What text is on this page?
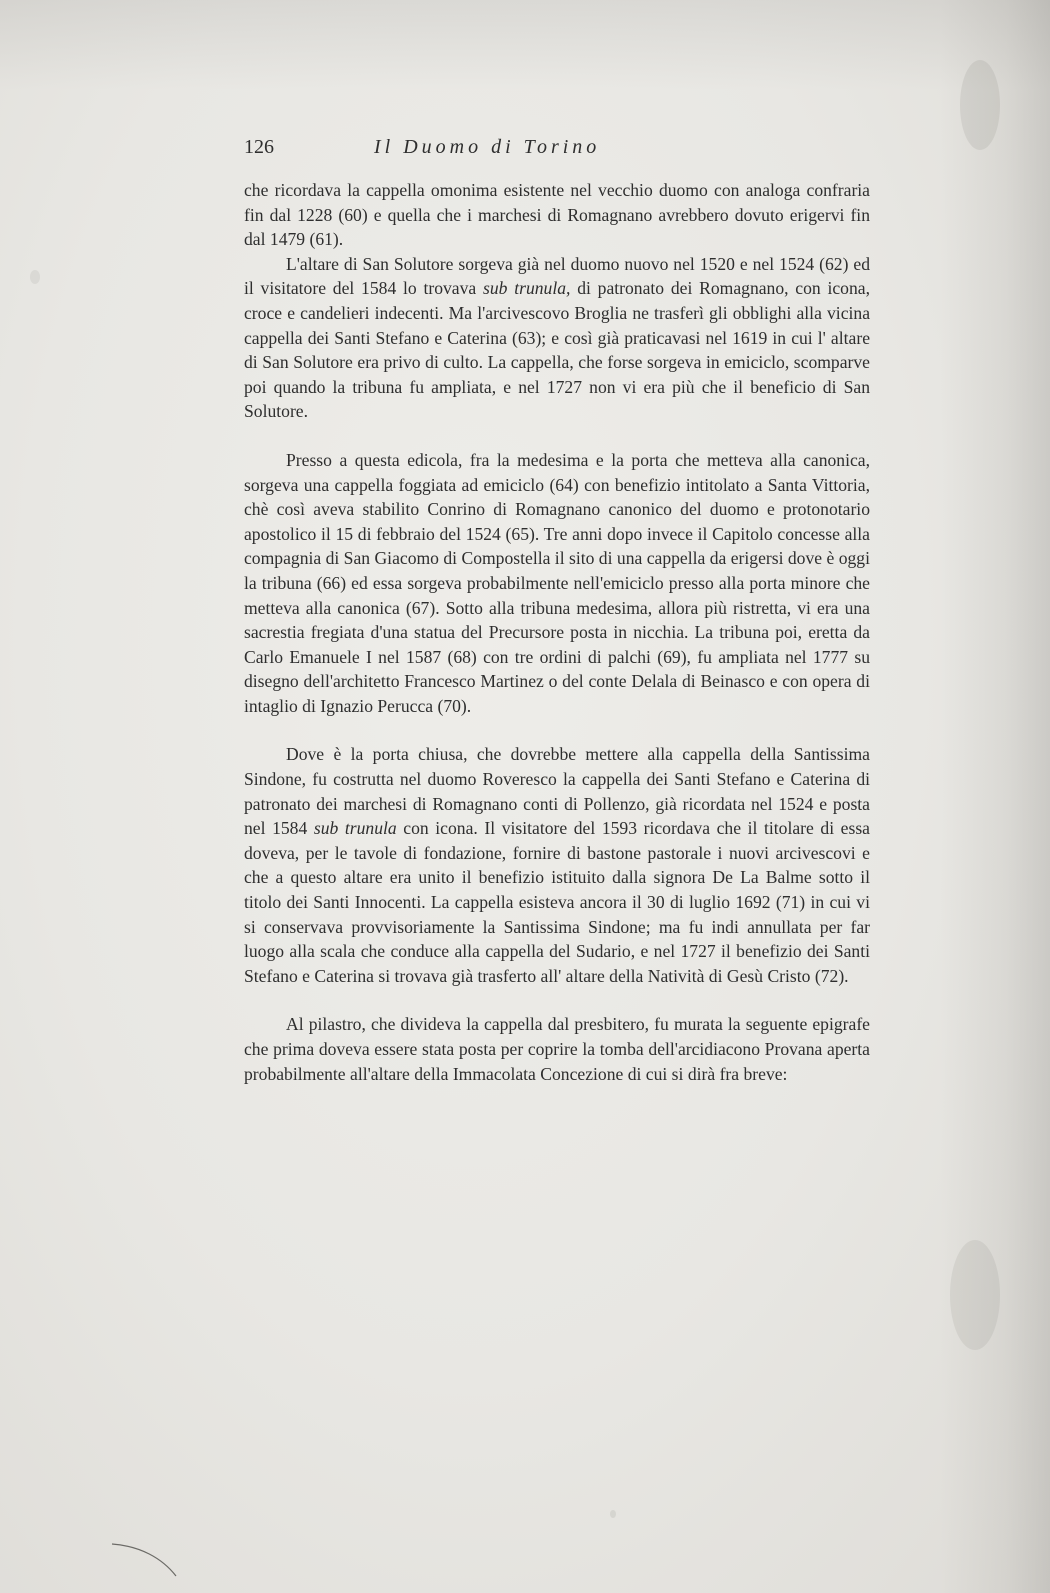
126	Il Duomo di Torino

che ricordava la cappella omonima esistente nel vecchio duomo con analoga confraria fin dal 1228 (60) e quella che i marchesi di Romagnano avrebbero dovuto erigervi fin dal 1479 (61).

L'altare di San Solutore sorgeva già nel duomo nuovo nel 1520 e nel 1524 (62) ed il visitatore del 1584 lo trovava sub trunula, di patronato dei Romagnano, con icona, croce e candelieri indecenti. Ma l'arcivescovo Broglia ne trasferì gli obblighi alla vicina cappella dei Santi Stefano e Caterina (63); e così già praticavasi nel 1619 in cui l' altare di San Solutore era privo di culto. La cappella, che forse sorgeva in emiciclo, scomparve poi quando la tribuna fu ampliata, e nel 1727 non vi era più che il beneficio di San Solutore.

Presso a questa edicola, fra la medesima e la porta che metteva alla canonica, sorgeva una cappella foggiata ad emiciclo (64) con benefizio intitolato a Santa Vittoria, chè così aveva stabilito Conrino di Romagnano canonico del duomo e protonotario apostolico il 15 di febbraio del 1524 (65). Tre anni dopo invece il Capitolo concesse alla compagnia di San Giacomo di Compostella il sito di una cappella da erigersi dove è oggi la tribuna (66) ed essa sorgeva probabilmente nell'emiciclo presso alla porta minore che metteva alla canonica (67). Sotto alla tribuna medesima, allora più ristretta, vi era una sacrestia fregiata d'una statua del Precursore posta in nicchia. La tribuna poi, eretta da Carlo Emanuele I nel 1587 (68) con tre ordini di palchi (69), fu ampliata nel 1777 su disegno dell'architetto Francesco Martinez o del conte Delala di Beinasco e con opera di intaglio di Ignazio Perucca (70).

Dove è la porta chiusa, che dovrebbe mettere alla cappella della Santissima Sindone, fu costrutta nel duomo Roveresco la cappella dei Santi Stefano e Caterina di patronato dei marchesi di Romagnano conti di Pollenzo, già ricordata nel 1524 e posta nel 1584 sub trunula con icona. Il visitatore del 1593 ricordava che il titolare di essa doveva, per le tavole di fondazione, fornire di bastone pastorale i nuovi arcivescovi e che a questo altare era unito il benefizio istituito dalla signora De La Balme sotto il titolo dei Santi Innocenti. La cappella esisteva ancora il 30 di luglio 1692 (71) in cui vi si conservava provvisoriamente la Santissima Sindone; ma fu indi annullata per far luogo alla scala che conduce alla cappella del Sudario, e nel 1727 il benefizio dei Santi Stefano e Caterina si trovava già trasferto all' altare della Natività di Gesù Cristo (72).

Al pilastro, che divideva la cappella dal presbitero, fu murata la seguente epigrafe che prima doveva essere stata posta per coprire la tomba dell'arcidiacono Provana aperta probabilmente all'altare della Immacolata Concezione di cui si dirà fra breve:
